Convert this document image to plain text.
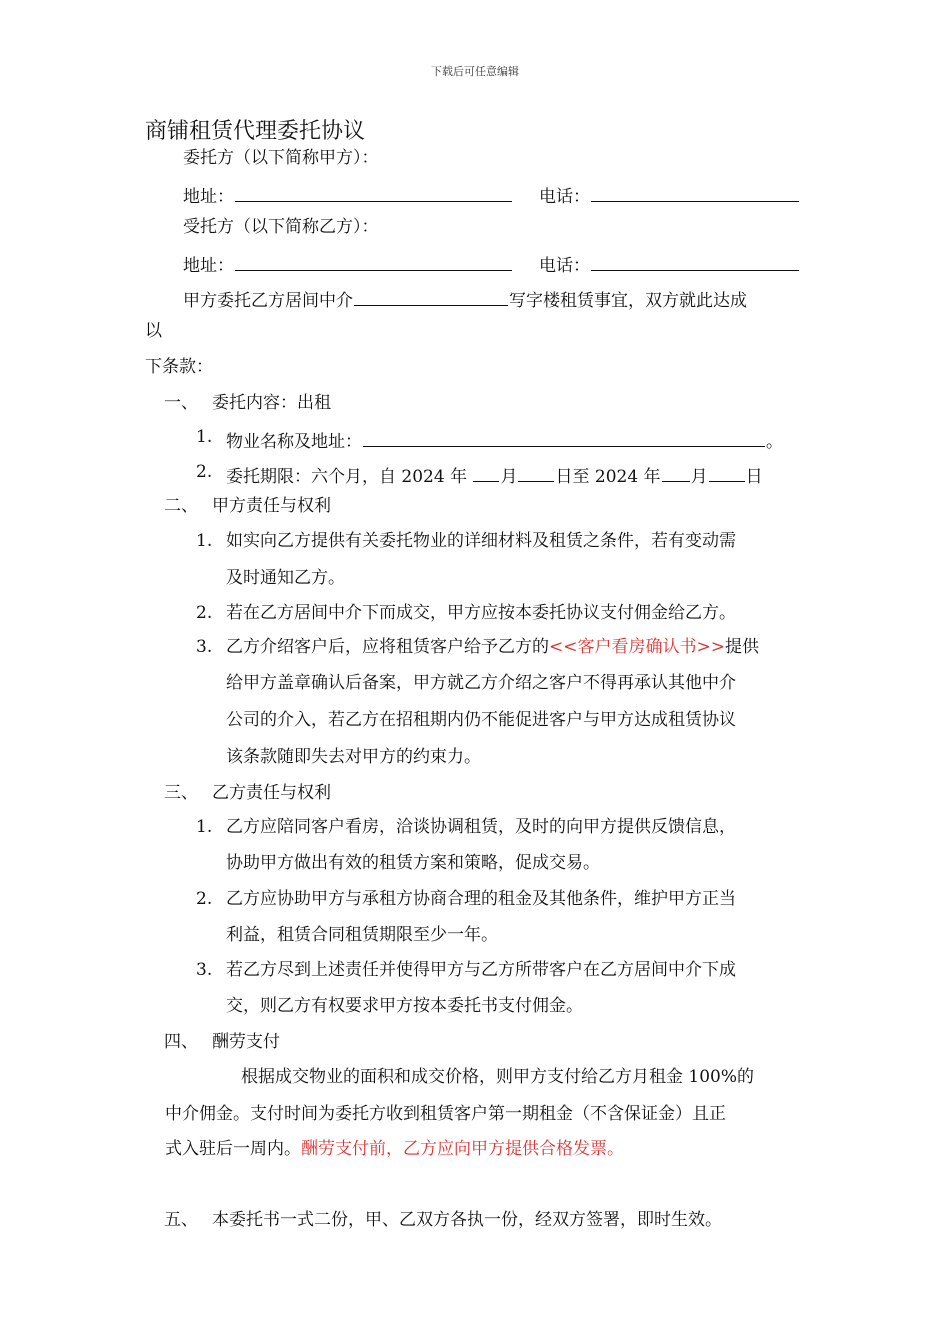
下载后可任意编辑
商铺租赁代理委托协议
委托方（以下简称甲方）：
地址：	电话：
受托方（以下简称乙方）：
地址：	电话：
甲方委托乙方居间中介	写字楼租赁事宜，双方就此达成
以
下条款：
一、 委托内容：出租
1. 物业名称及地址：	。
2. 委托期限：六个月，自 2024 年 月 日至 2024 年 月 日
二、 甲方责任与权利
1. 如实向乙方提供有关委托物业的详细材料及租赁之条件，若有变动需
及时通知乙方。
2. 若在乙方居间中介下而成交，甲方应按本委托协议支付佣金给乙方。
3. 乙方介绍客户后，应将租赁客户给予乙方的<<客户看房确认书>>提供
给甲方盖章确认后备案，甲方就乙方介绍之客户不得再承认其他中介
公司的介入，若乙方在招租期内仍不能促进客户与甲方达成租赁协议
该条款随即失去对甲方的约束力。
三、 乙方责任与权利
1. 乙方应陪同客户看房，洽谈协调租赁，及时的向甲方提供反馈信息，
协助甲方做出有效的租赁方案和策略，促成交易。
2. 乙方应协助甲方与承租方协商合理的租金及其他条件，维护甲方正当
利益，租赁合同租赁期限至少一年。
3. 若乙方尽到上述责任并使得甲方与乙方所带客户在乙方居间中介下成
交，则乙方有权要求甲方按本委托书支付佣金。
四、 酬劳支付
根据成交物业的面积和成交价格，则甲方支付给乙方月租金 100%的
中介佣金。支付时间为委托方收到租赁客户第一期租金（不含保证金）且正
式入驻后一周内。酬劳支付前，乙方应向甲方提供合格发票。
五、 本委托书一式二份，甲、乙双方各执一份，经双方签署，即时生效。
